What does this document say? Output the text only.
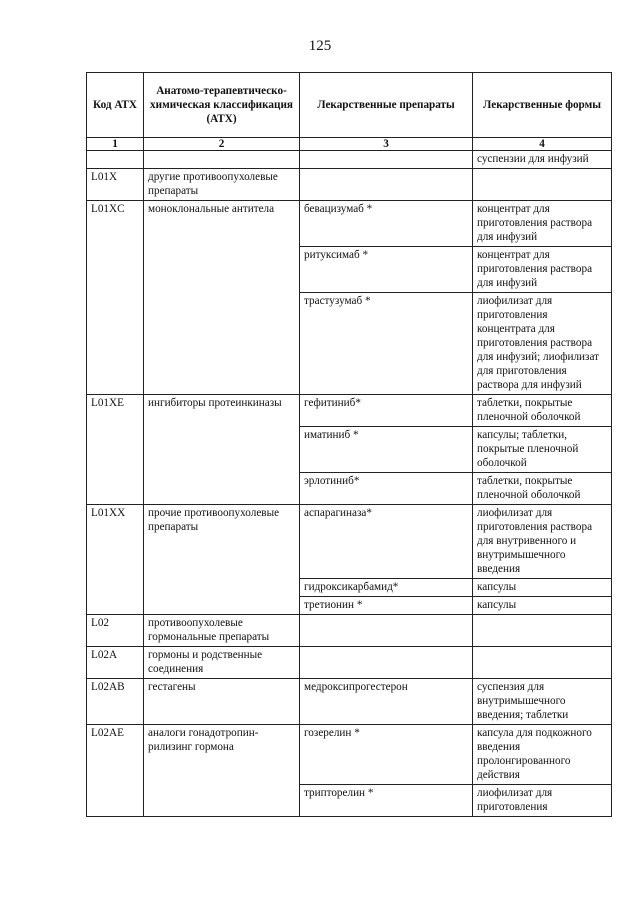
125
Код АТХ	Анатомо-терапевтическо-химическая классификация (АТХ)	Лекарственные препараты	Лекарственные формы
1	2	3	4
			суспензии для инфузий
L01X	другие противоопухолевые препараты		
L01XC	моноклональные антитела	бевацизумаб *	концентрат для приготовления раствора для инфузий
		ритуксимаб *	концентрат для приготовления раствора для инфузий
		трастузумаб *	лиофилизат для приготовления концентрата для приготовления раствора для инфузий; лиофилизат для приготовления раствора для инфузий
L01XE	ингибиторы протеинкиназы	гефитиниб*	таблетки, покрытые пленочной оболочкой
		иматиниб *	капсулы; таблетки, покрытые пленочной оболочкой
		эрлотиниб*	таблетки, покрытые пленочной оболочкой
L01XX	прочие противоопухолевые препараты	аспарагиназа*	лиофилизат для приготовления раствора для внутривенного и внутримышечного введения
		гидроксикарбамид*	капсулы
		третионин *	капсулы
L02	противоопухолевые гормональные препараты		
L02A	гормоны и родственные соединения		
L02AB	гестагены	медроксипрогестерон	суспензия для внутримышечного введения; таблетки
L02AE	аналоги гонадотропин-рилизинг гормона	гозерелин *	капсула для подкожного введения пролонгированного действия
		трипторелин *	лиофилизат для приготовления
